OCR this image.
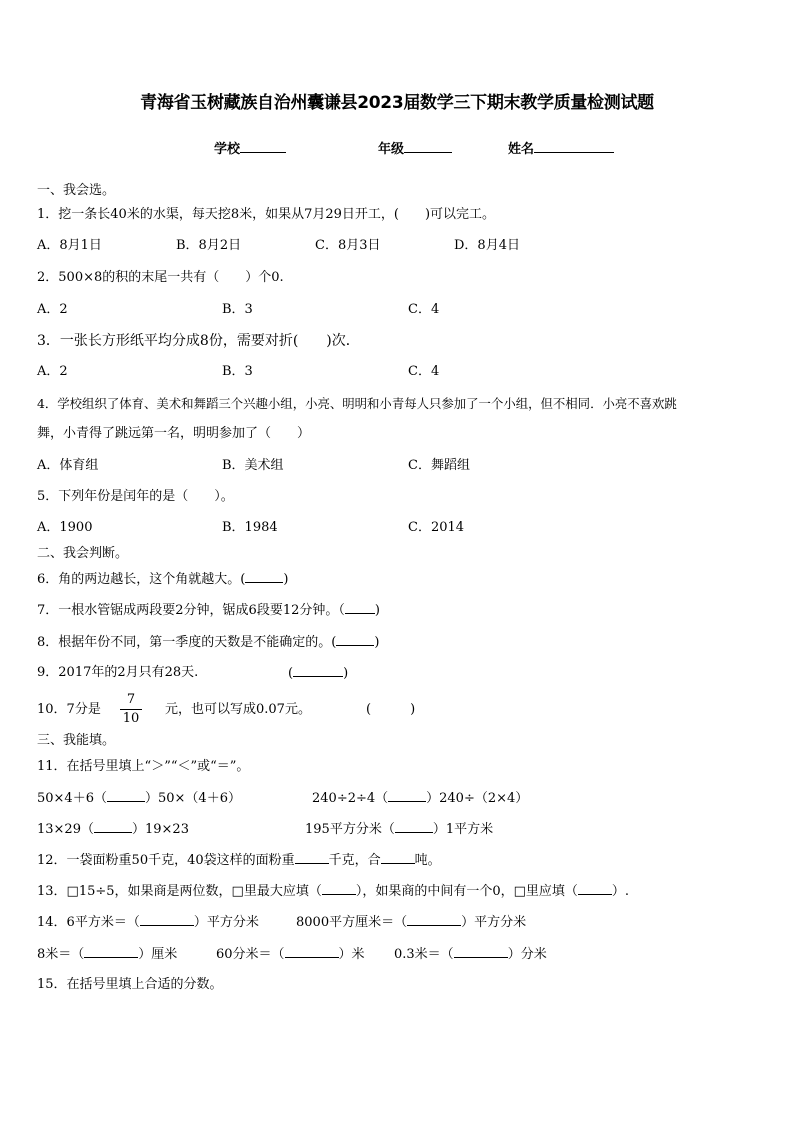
青海省玉树藏族自治州囊谦县2023届数学三下期末教学质量检测试题
学校	年级	姓名
一、我会选。
1．挖一条长40米的水渠，每天挖8米，如果从7月29日开工，(　　)可以完工。
A．8月1日	B．8月2日	C．8月3日	D．8月4日
2．500×8的积的末尾一共有（　　）个0.
A．2	B．3	C．4
3．一张长方形纸平均分成8份，需要对折(　　)次．
A．2	B．3	C．4
4．学校组织了体育、美术和舞蹈三个兴趣小组，小亮、明明和小青每人只参加了一个小组，但不相同．小亮不喜欢跳
舞，小青得了跳远第一名，明明参加了（　　）
A．体育组	B．美术组	C．舞蹈组
5．下列年份是闰年的是（　　）。
A．1900	B．1984	C．2014
二、我会判断。
6．角的两边越长，这个角就越大。(	)
7．一根水管锯成两段要2分钟，锯成6段要12分钟。（ )
8．根据年份不同，第一季度的天数是不能确定的。(	)
9．2017年的2月只有28天.	(	)
10．7分是
7
10
元，也可以写成0.07元。	(　　　)
三、我能填。
11．在括号里填上“＞”“＜”或“＝”。
50×4＋6（	）50×（4＋6）	240÷2÷4（	）240÷（2×4）
13×29（	）19×23	195平方分米（	）1平方米
12．一袋面粉重50千克，40袋这样的面粉重	千克，合	吨。
13．□15÷5，如果商是两位数，□里最大应填（	），如果商的中间有一个0，□里应填（	）.
14．6平方米＝（	）平方分米	8000平方厘米＝（	）平方分米
8米＝（	）厘米	60分米＝（	）米 0.3米＝（	）分米
15．在括号里填上合适的分数。
